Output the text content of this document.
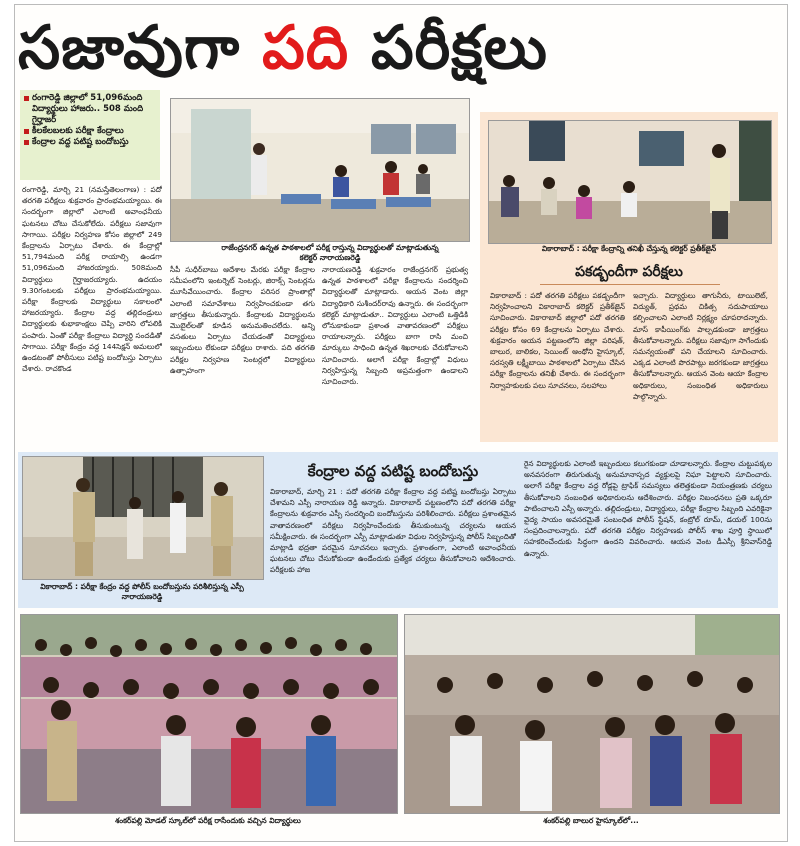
సజావుగా పది పరీక్షలు
రంగారెడ్డి జిల్లాలో 51,096మంది విద్యార్థులు హాజరు.. 508 మంది గైర్హాజర్
కీలకేలబలకు పరీక్షా కేంద్రాలు
కేంద్రాల వద్ద పటిష్ట బందోబస్తు
రాజేంద్రనగర్ ఉన్నత పాఠశాలలో పరీక్ష రాస్తున్న విద్యార్థులతో మాట్లాడుతున్న కలెక్టర్ నారాయణరెడ్డి
వికారాబాద్ : పరీక్షా కేంద్రాన్ని తనిఖీ చేస్తున్న కలెక్టర్ ప్రతీక్‌జైన్
పకడ్బందీగా పరీక్షలు
వికారాబాద్ : పదో తరగతి పరీక్షలు పకడ్బందీగా నిర్వహించాలని వికారాబాద్ కలెక్టర్ ప్రతీక్‌జైన్ సూచించారు. వికారాబాద్ జిల్లాలో పదో తరగతి పరీక్షల కోసం 69 కేంద్రాలను ఏర్పాటు చేశారు. శుక్రవారం ఆయన పట్టణంలోని జిల్లా పరిషత్, బాలుర, బాలికల, సెయింట్ ఆంథోని హైస్కూల్, సరస్వతి లక్ష్మీబాయి పాఠశాలలో ఏర్పాటు చేసిన పరీక్షా కేంద్రాలను తనిఖీ చేశారు. ఈ సందర్భంగా నిర్వాహకులకు పలు సూచనలు, సలహాలు
ఇచ్చారు. విద్యార్థులు తాగునీరు, టాయిలెట్, విద్యుత్, ప్రథమ చికిత్స సదుపాయాలు కల్పించాలని ఎలాంటి నిర్లక్ష్యం చూపరాదన్నారు. మాస్ కాపీయింగ్‌కు పాల్పడకుండా జాగ్రత్తలు తీసుకోవాలన్నారు. పరీక్షలు సజావుగా సాగేందుకు సమన్వయంతో పని చేయాలని సూచించారు. ఎక్కడ ఎలాంటి పొరపాట్లు జరగకుండా జాగ్రత్తలు తీసుకోవాలన్నారు. ఆయన వెంట ఆయా కేంద్రాల అధికారులు, సంబంధిత అధికారులు పాల్గొన్నారు.
రంగారెడ్డి, మార్చి 21 (నమస్తేతెలంగాణ) : పదో తరగతి పరీక్షలు శుక్రవారం ప్రారంభమయ్యాయి. ఈ సందర్భంగా జిల్లాలో ఎలాంటి అవాంఛనీయ ఘటనలు చోటు చేసుకోలేదు. పరీక్షలు సజావుగా సాగాయి. పరీక్షల నిర్వహణ కోసం జిల్లాలో 249 కేంద్రాలను ఏర్పాటు చేశారు. ఈ కేంద్రాల్లో 51,794మంది పరీక్ష రాయాల్సి ఉండగా 51,096మంది హాజరయ్యారు. 508మంది విద్యార్థులు గైర్హాజరయ్యారు. ఉదయం 9.30గంటలకు పరీక్షలు ప్రారంభమయ్యాయి. పరీక్షా కేంద్రాలకు విద్యార్థులు సకాలంలో హాజరయ్యారు. కేంద్రాల వద్ద తల్లిదండ్రులు విద్యార్థులకు శుభాకాంక్షలు చెప్పి వారిని లోపలికి పంపారు. ఏంతో పరీక్షా కేంద్రాలు విద్యార్థి సందడితో సాగాయి. పరీక్షా కేంద్రం వద్ద 144సెక్షన్ అమలులో ఉండటంతో పోలీసులు పటిష్ట బందోబస్తు ఏర్పాటు చేశారు. రాచకొండ
సీపీ సుధీర్‌బాబు ఆదేశాల మేరకు పరీక్షా కేంద్రాల సమీపంలోని ఇంటర్నెట్ సెంటర్లు, జిరాక్స్ సెంటర్లను మూసివేయించారు. కేంద్రాల పరిసర ప్రాంతాల్లో ఎలాంటి సమావేశాలు నిర్వహించకుండా తగు జాగ్రత్తలు తీసుకున్నారు. కేంద్రాలకు విద్యార్థులను మొబైల్‌లతో కూడిన అనుమతించలేదు. అన్ని వసతులు ఏర్పాటు చేయడంతో విద్యార్థులు ఇబ్బందులు లేకుండా పరీక్షలు రాశారు. పది తరగతి పరీక్షల నిర్వహణ సెంటర్లలో విద్యార్థులు ఉత్సాహంగా
నారాయణరెడ్డి శుక్రవారం రాజేంద్రనగర్ ప్రభుత్వ ఉన్నత పాఠశాలలో పరీక్షా కేంద్రాలను సందర్శించి విద్యార్థులతో మాట్లాడారు. ఆయన వెంట జిల్లా విద్యాధికారి సుశీందర్‌రావు ఉన్నారు. ఈ సందర్భంగా కలెక్టర్ మాట్లాడుతూ.. విద్యార్థులు ఎలాంటి ఒత్తిడికి లోనుకాకుండా ప్రశాంత వాతావరణంలో పరీక్షలు రాయాలన్నారు. పరీక్షలు బాగా రాసి మంచి మార్కులు సాధించి ఉన్నత శిఖరాలకు చేరుకోవాలని సూచించారు. అలాగే పరీక్షా కేంద్రాల్లో విధులు నిర్వహిస్తున్న సిబ్బంది అప్రమత్తంగా ఉండాలని సూచించారు.
వికారాబాద్ : పరీక్షా కేంద్రం వద్ద పోలీస్ బందోబస్తును పరిశీలిస్తున్న ఎస్పీ నారాయణరెడ్డి
కేంద్రాల వద్ద పటిష్ట బందోబస్తు
వికారాబాద్, మార్చి 21 : పదో తరగతి పరీక్షా కేంద్రాల వద్ద పటిష్ట బందోబస్తు ఏర్పాటు చేశామని ఎస్పీ నారాయణ రెడ్డి అన్నారు. వికారాబాద్ పట్టణంలోని పదో తరగతి పరీక్షా కేంద్రాలను శుక్రవారం ఎస్పీ సందర్శించి బందోబస్తును పరిశీలించారు. పరీక్షలు ప్రశాంతమైన వాతావరణంలో పరీక్షలు నిర్వహించేందుకు తీసుకుంటున్న చర్యలను ఆయన సమీక్షించారు. ఈ సందర్భంగా ఎస్పీ మాట్లాడుతూ విధుల నిర్వహిస్తున్న పోలీస్ సిబ్బందితో మాట్లాడి భద్రతా పరమైన సూచనలు ఇచ్చారు. ప్రశాంతంగా, ఎలాంటి అవాంఛనీయ ఘటనలు చోటు చేసుకోకుండా ఉండేందుకు ప్రత్యేక చర్యలు తీసుకోవాలని ఆదేశించారు. పరీక్షలకు హాజ
రైన విద్యార్థులకు ఎలాంటి ఇబ్బందులు కలుగకుండా చూడాలన్నారు. కేంద్రాల చుట్టుపక్కల అనవసరంగా తిరుగుతున్న అనుమానాస్పద వ్యక్తులపై నిఘా పెట్టాలని సూచించారు. అలాగే పరీక్షా కేంద్రాల వద్ద రోడ్లపై ట్రాఫిక్ సమస్యలు తలెత్తకుండా నియంత్రణకు చర్యలు తీసుకోవాలని సంబంధిత అధికారులను ఆదేశించారు. పరీక్షల నిబంధనలు ప్రతి ఒక్కరూ పాటించాలని ఎస్పీ అన్నారు. తల్లిదండ్రులు, విద్యార్థులు, పరీక్షా కేంద్రాల సిబ్బంది ఎవరికైనా వైద్య సాయం అవసరమైతే సంబంధిత పోలీస్ స్టేషన్, కంట్రోల్ రూమ్, డయల్ 100ను సంప్రదించాలన్నారు. పదో తరగతి పరీక్షల నిర్వహణకు పోలీస్ శాఖ పూర్తి స్థాయిలో సహకరించేందుకు సిద్ధంగా ఉందని వివరించారు. ఆయన వెంట డీఎస్పీ శ్రీనివాస్‌రెడ్డి ఉన్నారు.
శంకర్‌పల్లి మోడల్ స్కూల్‌లో పరీక్ష రాసేందుకు వచ్చిన విద్యార్థులు	శంకర్‌పల్లి బాలుర హైస్కూల్‌లో...
